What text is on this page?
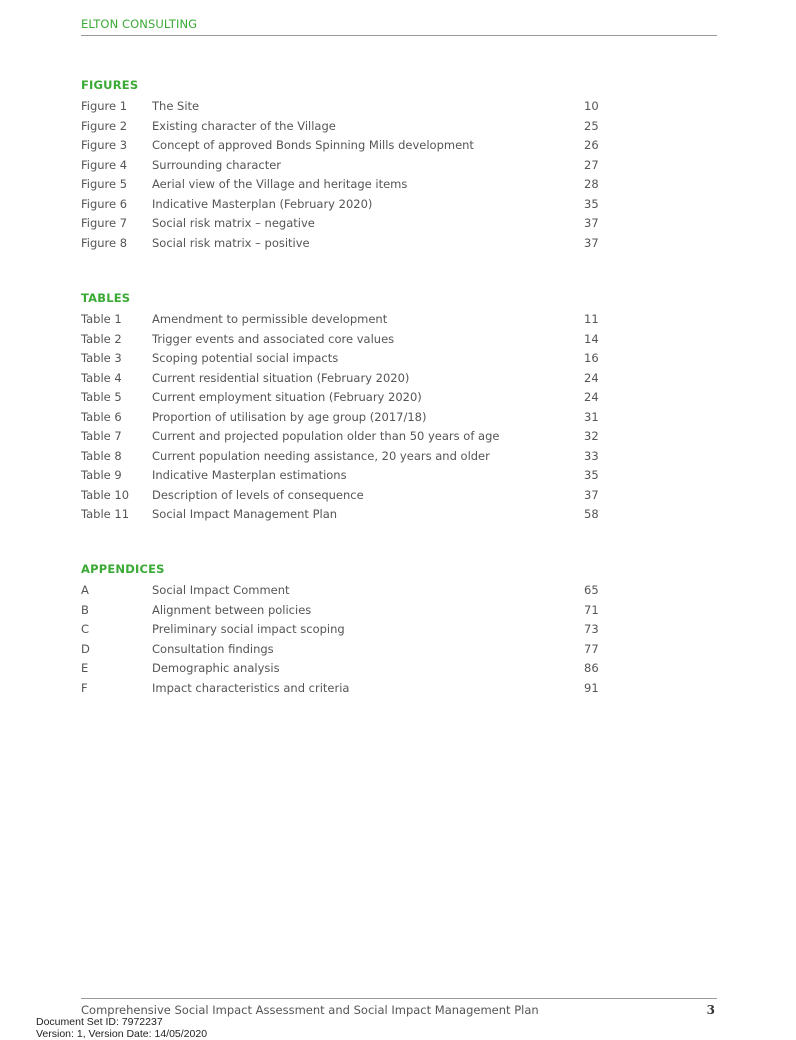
ELTON CONSULTING
FIGURES
Figure 1	The Site	10
Figure 2	Existing character of the Village	25
Figure 3	Concept of approved Bonds Spinning Mills development	26
Figure 4	Surrounding character	27
Figure 5	Aerial view of the Village and heritage items	28
Figure 6	Indicative Masterplan (February 2020)	35
Figure 7	Social risk matrix – negative	37
Figure 8	Social risk matrix – positive	37
TABLES
Table 1	Amendment to permissible development	11
Table 2	Trigger events and associated core values	14
Table 3	Scoping potential social impacts	16
Table 4	Current residential situation (February 2020)	24
Table 5	Current employment situation (February 2020)	24
Table 6	Proportion of utilisation by age group (2017/18)	31
Table 7	Current and projected population older than 50 years of age	32
Table 8	Current population needing assistance, 20 years and older	33
Table 9	Indicative Masterplan estimations	35
Table 10	Description of levels of consequence	37
Table 11	Social Impact Management Plan	58
APPENDICES
A	Social Impact Comment	65
B	Alignment between policies	71
C	Preliminary social impact scoping	73
D	Consultation findings	77
E	Demographic analysis	86
F	Impact characteristics and criteria	91
Comprehensive Social Impact Assessment and Social Impact Management Plan	3
Document Set ID: 7972237
Version: 1, Version Date: 14/05/2020
